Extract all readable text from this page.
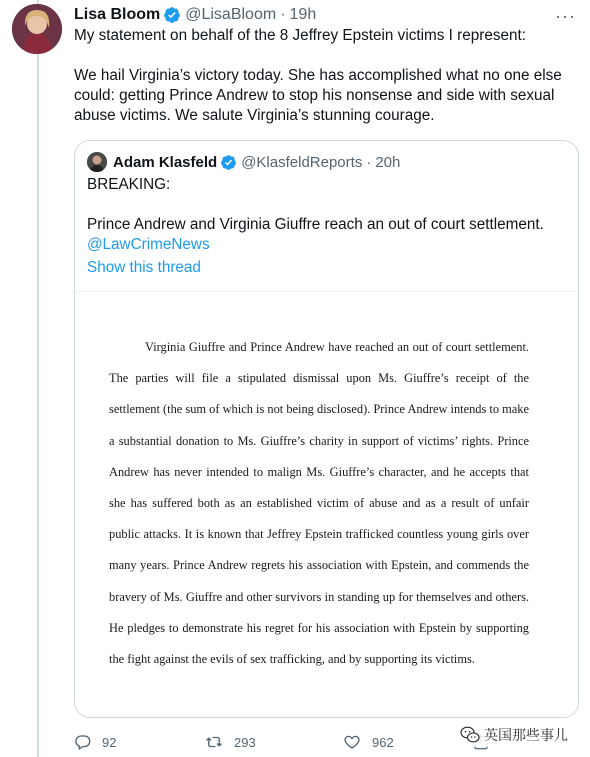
Lisa Bloom @LisaBloom · 19h	···

My statement on behalf of the 8 Jeffrey Epstein victims I represent:

We hail Virginia’s victory today. She has accomplished what no one else could: getting Prince Andrew to stop his nonsense and side with sexual abuse victims. We salute Virginia’s stunning courage.

Adam Klasfeld @KlasfeldReports · 20h

BREAKING:

Prince Andrew and Virginia Giuffre reach an out of court settlement.

@LawCrimeNews

Show this thread

Virginia Giuffre and Prince Andrew have reached an out of court settlement. The parties will file a stipulated dismissal upon Ms. Giuffre’s receipt of the settlement (the sum of which is not being disclosed). Prince Andrew intends to make a substantial donation to Ms. Giuffre’s charity in support of victims’ rights. Prince Andrew has never intended to malign Ms. Giuffre’s character, and he accepts that she has suffered both as an established victim of abuse and as a result of unfair public attacks. It is known that Jeffrey Epstein trafficked countless young girls over many years. Prince Andrew regrets his association with Epstein, and commends the bravery of Ms. Giuffre and other survivors in standing up for themselves and others. He pledges to demonstrate his regret for his association with Epstein by supporting the fight against the evils of sex trafficking, and by supporting its victims.

92	293	962	英国那些事儿
